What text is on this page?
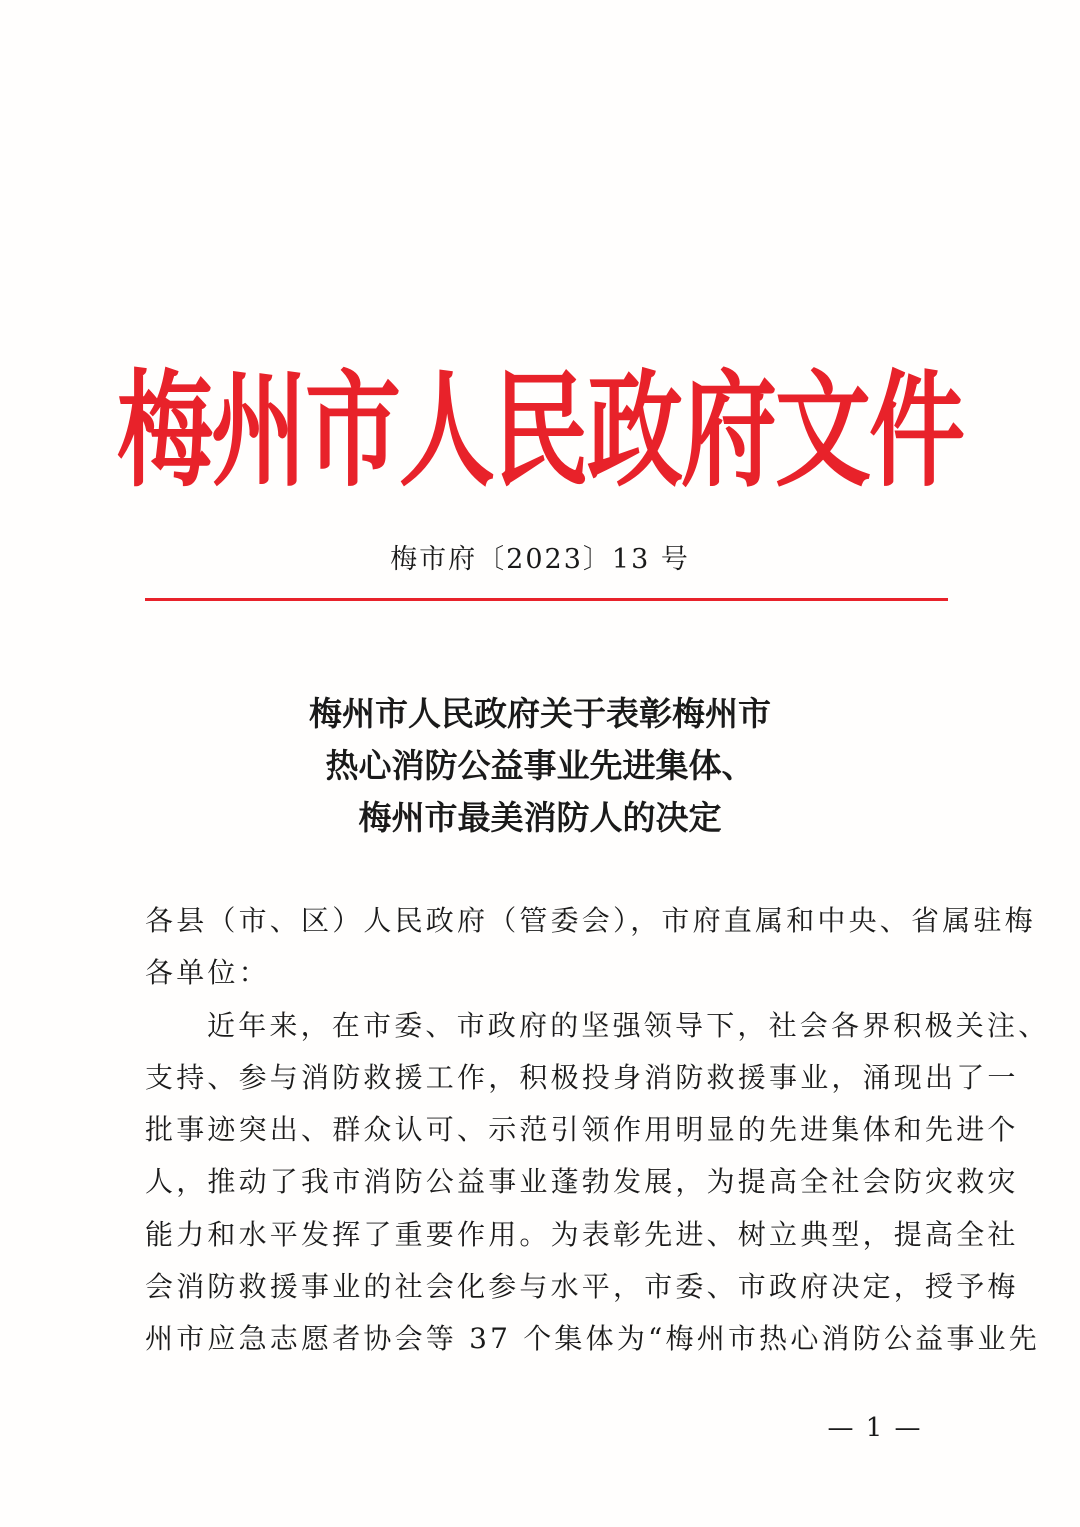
梅州市人民政府文件
梅市府〔2023〕13 号
梅州市人民政府关于表彰梅州市
热心消防公益事业先进集体、
梅州市最美消防人的决定
各县（市、区）人民政府（管委会），市府直属和中央、省属驻梅
各单位：
近年来，在市委、市政府的坚强领导下，社会各界积极关注、
支持、参与消防救援工作，积极投身消防救援事业，涌现出了一
批事迹突出、群众认可、示范引领作用明显的先进集体和先进个
人，推动了我市消防公益事业蓬勃发展，为提高全社会防灾救灾
能力和水平发挥了重要作用。为表彰先进、树立典型，提高全社
会消防救援事业的社会化参与水平，市委、市政府决定，授予梅
州市应急志愿者协会等 37 个集体为“梅州市热心消防公益事业先
— 1 —
